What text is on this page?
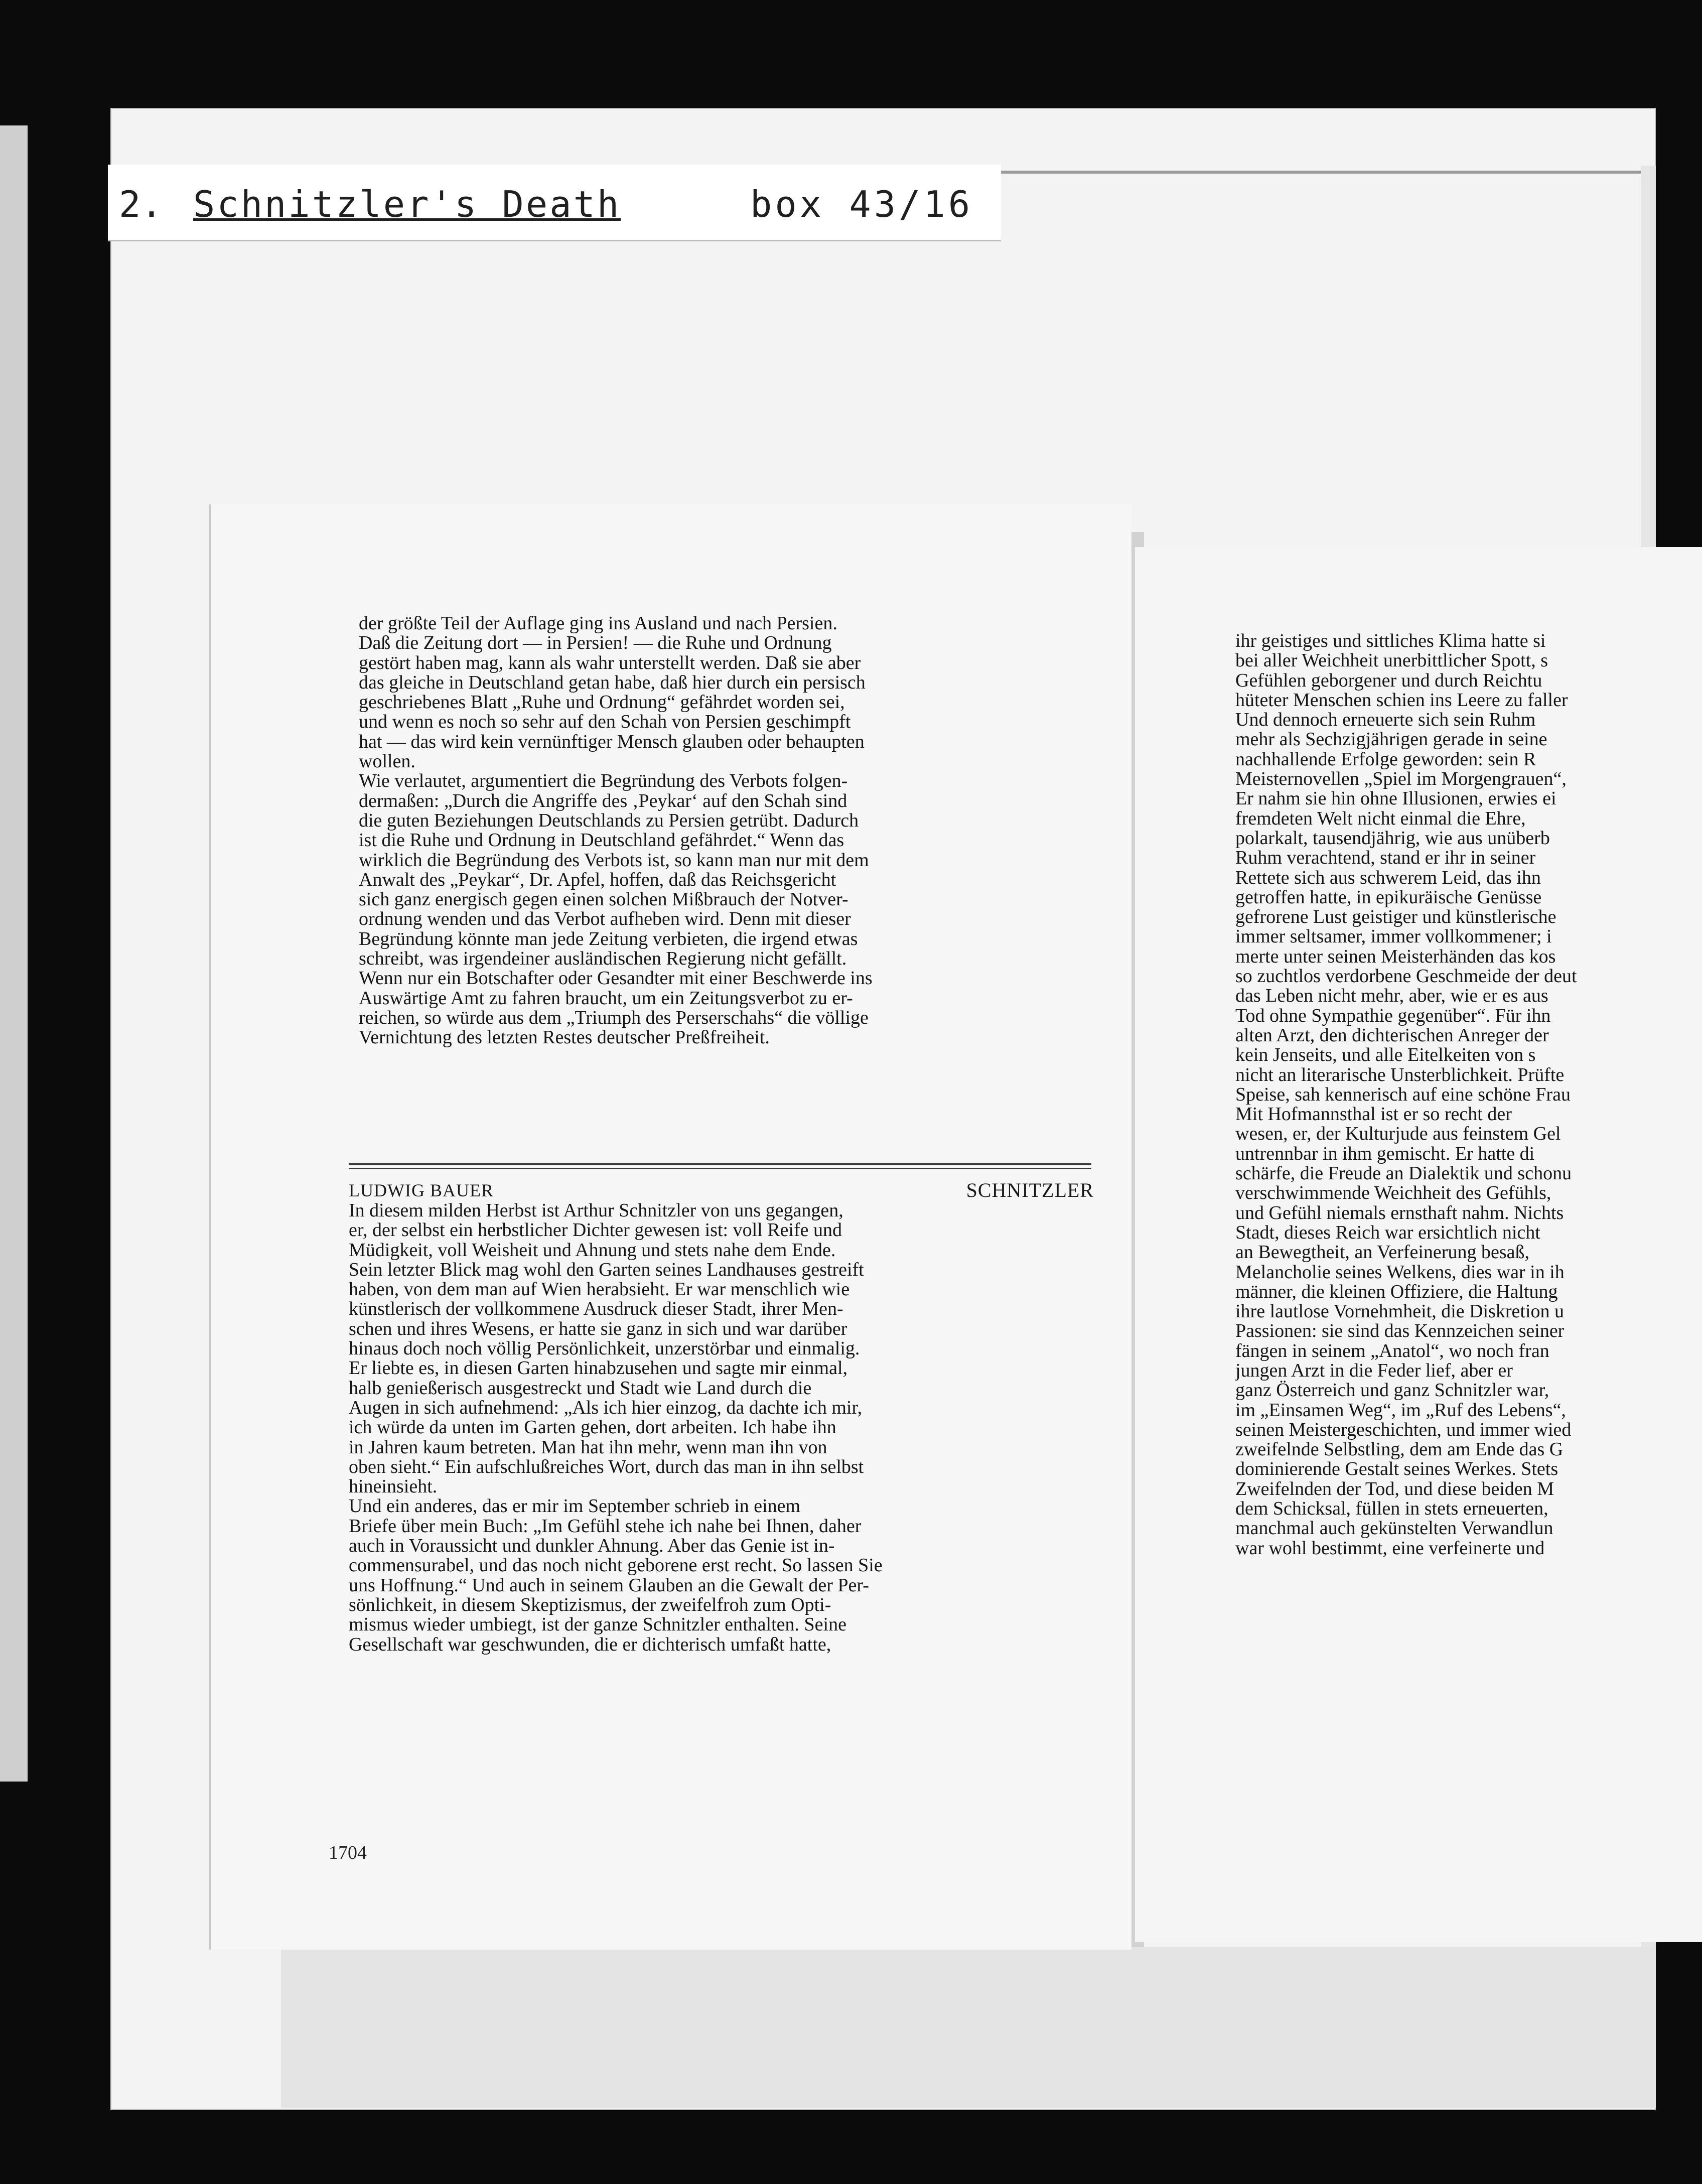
2. Schnitzler's Death	box 43/16
der größte Teil der Auflage ging ins Ausland und nach Persien.
Daß die Zeitung dort — in Persien! — die Ruhe und Ordnung
gestört haben mag, kann als wahr unterstellt werden. Daß sie aber
das gleiche in Deutschland getan habe, daß hier durch ein persisch
geschriebenes Blatt „Ruhe und Ordnung“ gefährdet worden sei,
und wenn es noch so sehr auf den Schah von Persien geschimpft
hat — das wird kein vernünftiger Mensch glauben oder behaupten
wollen.
Wie verlautet, argumentiert die Begründung des Verbots folgen-
dermaßen: „Durch die Angriffe des ‚Peykar‘ auf den Schah sind
die guten Beziehungen Deutschlands zu Persien getrübt. Dadurch
ist die Ruhe und Ordnung in Deutschland gefährdet.“ Wenn das
wirklich die Begründung des Verbots ist, so kann man nur mit dem
Anwalt des „Peykar“, Dr. Apfel, hoffen, daß das Reichsgericht
sich ganz energisch gegen einen solchen Mißbrauch der Notver-
ordnung wenden und das Verbot aufheben wird. Denn mit dieser
Begründung könnte man jede Zeitung verbieten, die irgend etwas
schreibt, was irgendeiner ausländischen Regierung nicht gefällt.
Wenn nur ein Botschafter oder Gesandter mit einer Beschwerde ins
Auswärtige Amt zu fahren braucht, um ein Zeitungsverbot zu er-
reichen, so würde aus dem „Triumph des Perserschahs“ die völlige
Vernichtung des letzten Restes deutscher Preßfreiheit.
LUDWIG BAUER	SCHNITZLER
In diesem milden Herbst ist Arthur Schnitzler von uns gegangen,
er, der selbst ein herbstlicher Dichter gewesen ist: voll Reife und
Müdigkeit, voll Weisheit und Ahnung und stets nahe dem Ende.
Sein letzter Blick mag wohl den Garten seines Landhauses gestreift
haben, von dem man auf Wien herabsieht. Er war menschlich wie
künstlerisch der vollkommene Ausdruck dieser Stadt, ihrer Men-
schen und ihres Wesens, er hatte sie ganz in sich und war darüber
hinaus doch noch völlig Persönlichkeit, unzerstörbar und einmalig.
Er liebte es, in diesen Garten hinabzusehen und sagte mir einmal,
halb genießerisch ausgestreckt und Stadt wie Land durch die
Augen in sich aufnehmend: „Als ich hier einzog, da dachte ich mir,
ich würde da unten im Garten gehen, dort arbeiten. Ich habe ihn
in Jahren kaum betreten. Man hat ihn mehr, wenn man ihn von
oben sieht.“ Ein aufschlußreiches Wort, durch das man in ihn selbst
hineinsieht.
Und ein anderes, das er mir im September schrieb in einem
Briefe über mein Buch: „Im Gefühl stehe ich nahe bei Ihnen, daher
auch in Voraussicht und dunkler Ahnung. Aber das Genie ist in-
commensurabel, und das noch nicht geborene erst recht. So lassen Sie
uns Hoffnung.“ Und auch in seinem Glauben an die Gewalt der Per-
sönlichkeit, in diesem Skeptizismus, der zweifelfroh zum Opti-
mismus wieder umbiegt, ist der ganze Schnitzler enthalten. Seine
Gesellschaft war geschwunden, die er dichterisch umfaßt hatte,
1704
ihr geistiges und sittliches Klima hatte si
bei aller Weichheit unerbittlicher Spott, s
Gefühlen geborgener und durch Reichtu
hüteter Menschen schien ins Leere zu faller
Und dennoch erneuerte sich sein Ruhm
mehr als Sechzigjährigen gerade in seine
nachhallende Erfolge geworden: sein R
Meisternovellen „Spiel im Morgengrauen“,
Er nahm sie hin ohne Illusionen, erwies ei
fremdeten Welt nicht einmal die Ehre,
polarkalt, tausendjährig, wie aus unüberb
Ruhm verachtend, stand er ihr in seiner
Rettete sich aus schwerem Leid, das ihn
getroffen hatte, in epikuräische Genüsse
gefrorene Lust geistiger und künstlerische
immer seltsamer, immer vollkommener; i
merte unter seinen Meisterhänden das kos
so zuchtlos verdorbene Geschmeide der deut
das Leben nicht mehr, aber, wie er es aus
Tod ohne Sympathie gegenüber“. Für ihn
alten Arzt, den dichterischen Anreger der
kein Jenseits, und alle Eitelkeiten von s
nicht an literarische Unsterblichkeit. Prüfte
Speise, sah kennerisch auf eine schöne Frau
Mit Hofmannsthal ist er so recht der
wesen, er, der Kulturjude aus feinstem Gel
untrennbar in ihm gemischt. Er hatte di
schärfe, die Freude an Dialektik und schonu
verschwimmende Weichheit des Gefühls,
und Gefühl niemals ernsthaft nahm. Nichts
Stadt, dieses Reich war ersichtlich nicht
an Bewegtheit, an Verfeinerung besaß,
Melancholie seines Welkens, dies war in ih
männer, die kleinen Offiziere, die Haltung
ihre lautlose Vornehmheit, die Diskretion u
Passionen: sie sind das Kennzeichen seiner
fängen in seinem „Anatol“, wo noch fran
jungen Arzt in die Feder lief, aber er
ganz Österreich und ganz Schnitzler war,
im „Einsamen Weg“, im „Ruf des Lebens“,
seinen Meistergeschichten, und immer wied
zweifelnde Selbstling, dem am Ende das G
dominierende Gestalt seines Werkes. Stets
Zweifelnden der Tod, und diese beiden M
dem Schicksal, füllen in stets erneuerten,
manchmal auch gekünstelten Verwandlun
war wohl bestimmt, eine verfeinerte und
